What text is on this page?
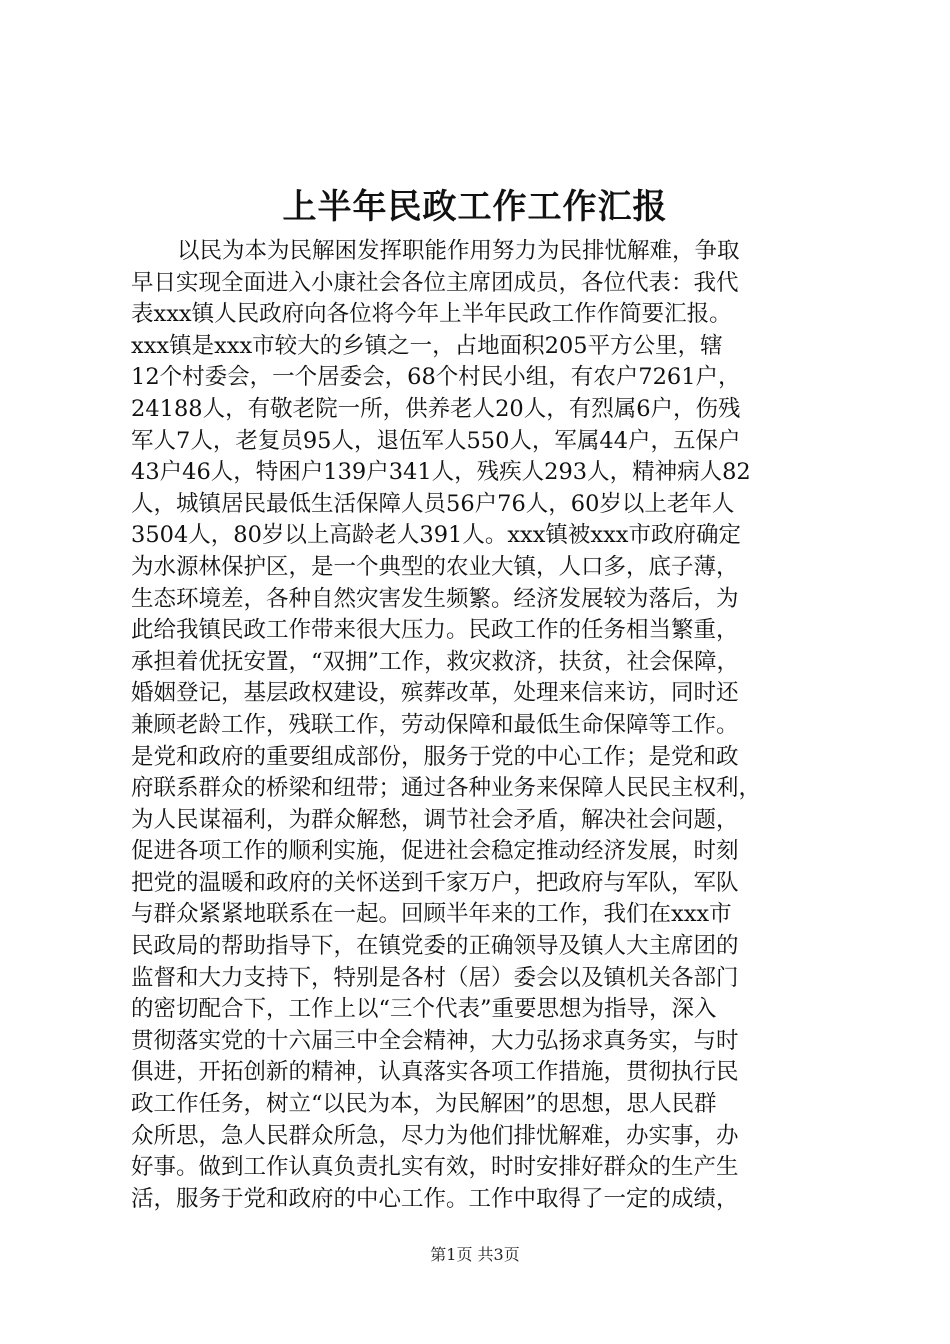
上半年民政工作工作汇报
以民为本为民解困发挥职能作用努力为民排忧解难，争取
早日实现全面进入小康社会各位主席团成员，各位代表：我代
表xxx镇人民政府向各位将今年上半年民政工作作简要汇报。
xxx镇是xxx市较大的乡镇之一，占地面积205平方公里，辖
12个村委会，一个居委会，68个村民小组，有农户7261户，
24188人，有敬老院一所，供养老人20人，有烈属6户，伤残
军人7人，老复员95人，退伍军人550人，军属44户，五保户
43户46人，特困户139户341人，残疾人293人，精神病人82
人，城镇居民最低生活保障人员56户76人，60岁以上老年人
3504人，80岁以上高龄老人391人。xxx镇被xxx市政府确定
为水源林保护区，是一个典型的农业大镇，人口多，底子薄，
生态环境差，各种自然灾害发生频繁。经济发展较为落后，为
此给我镇民政工作带来很大压力。民政工作的任务相当繁重，
承担着优抚安置，“双拥”工作，救灾救济，扶贫，社会保障，
婚姻登记，基层政权建设，殡葬改革，处理来信来访，同时还
兼顾老龄工作，残联工作，劳动保障和最低生命保障等工作。
是党和政府的重要组成部份，服务于党的中心工作；是党和政
府联系群众的桥梁和纽带；通过各种业务来保障人民民主权利，
为人民谋福利，为群众解愁，调节社会矛盾，解决社会问题，
促进各项工作的顺利实施，促进社会稳定推动经济发展，时刻
把党的温暖和政府的关怀送到千家万户，把政府与军队，军队
与群众紧紧地联系在一起。回顾半年来的工作，我们在xxx市
民政局的帮助指导下，在镇党委的正确领导及镇人大主席团的
监督和大力支持下，特别是各村（居）委会以及镇机关各部门
的密切配合下，工作上以“三个代表”重要思想为指导，深入
贯彻落实党的十六届三中全会精神，大力弘扬求真务实，与时
俱进，开拓创新的精神，认真落实各项工作措施，贯彻执行民
政工作任务，树立“以民为本，为民解困”的思想，思人民群
众所思，急人民群众所急，尽力为他们排忧解难，办实事，办
好事。做到工作认真负责扎实有效，时时安排好群众的生产生
活，服务于党和政府的中心工作。工作中取得了一定的成绩，
第1页 共3页
